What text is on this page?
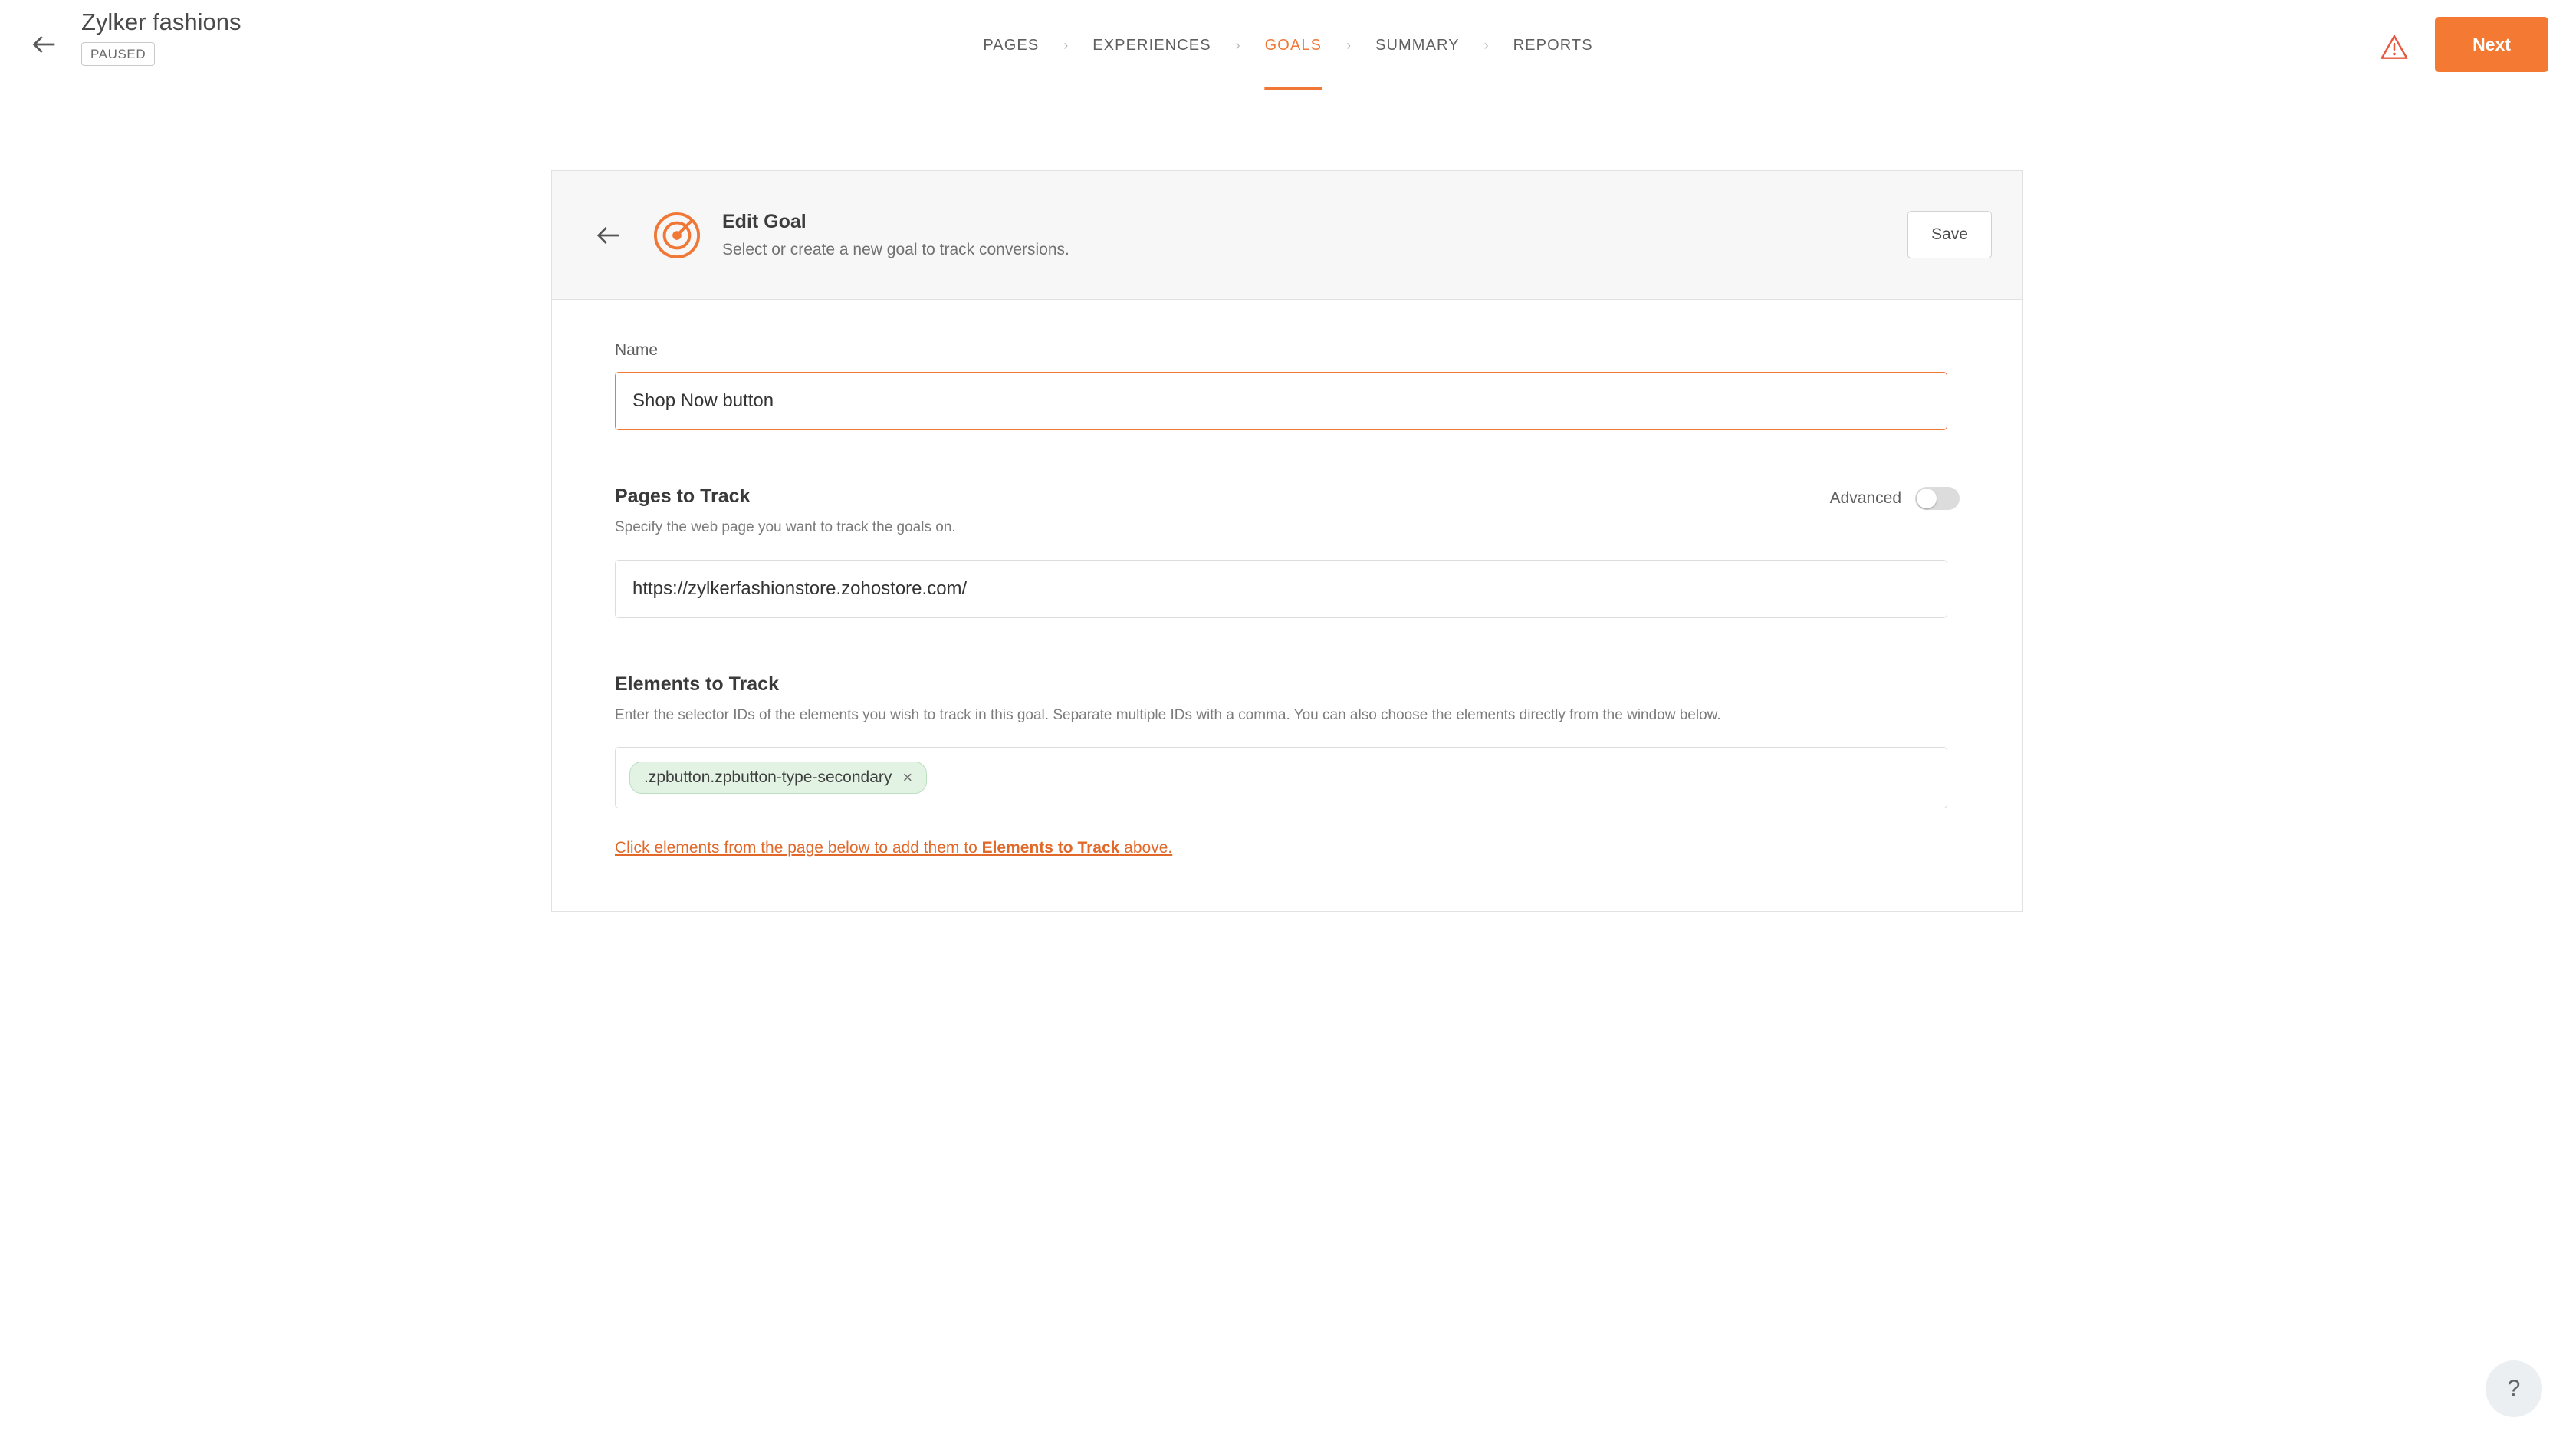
Zylker fashions
PAUSED
PAGES	›	EXPERIENCES	›	GOALS	›	SUMMARY	›	REPORTS	Next
Edit Goal
Select or create a new goal to track conversions.
Save
Name
Shop Now button
Pages to Track
Specify the web page you want to track the goals on.
Advanced
https://zylkerfashionstore.zohostore.com/
Elements to Track
Enter the selector IDs of the elements you wish to track in this goal. Separate multiple IDs with a comma. You can also choose the elements directly from the window below.
.zpbutton.zpbutton-type-secondary ×
Click elements from the page below to add them to Elements to Track above.
?
